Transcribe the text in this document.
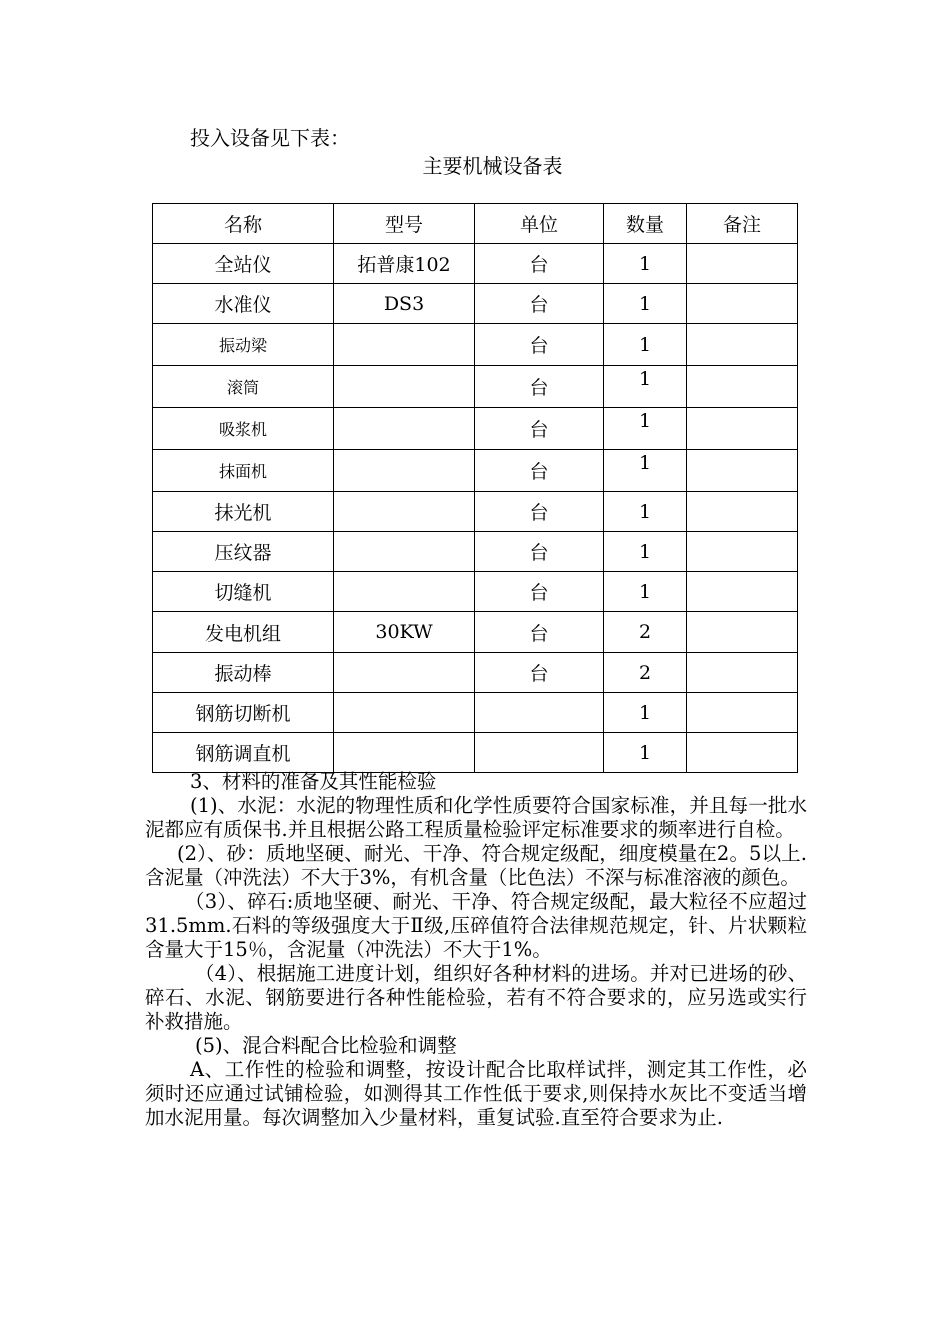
投入设备见下表：
主要机械设备表
名称	型号	单位	数量	备注
全站仪	拓普康102	台	1	
水准仪	DS3	台	1	
振动梁		台	1	
滚筒		台	1	
吸浆机		台	1	
抹面机		台	1	
抹光机		台	1	
压纹器		台	1	
切缝机		台	1	
发电机组	30KW	台	2	
振动棒		台	2	
钢筋切断机			1	
钢筋调直机			1	

3、材料的准备及其性能检验

(1)、水泥：水泥的物理性质和化学性质要符合国家标准，并且每一批水泥都应有质保书.并且根据公路工程质量检验评定标准要求的频率进行自检。

(2）、砂：质地坚硬、耐光、干净、符合规定级配，细度模量在2。5以上.含泥量（冲洗法）不大于3%，有机含量（比色法）不深与标准溶液的颜色。

（3）、碎石:质地坚硬、耐光、干净、符合规定级配，最大粒径不应超过31.5mm.石料的等级强度大于Ⅱ级,压碎值符合法律规范规定，针、片状颗粒含量大于15％，含泥量（冲洗法）不大于1%。

（4）、根据施工进度计划，组织好各种材料的进场。并对已进场的砂、碎石、水泥、钢筋要进行各种性能检验，若有不符合要求的，应另选或实行补救措施。

(5)、混合料配合比检验和调整

A、工作性的检验和调整，按设计配合比取样试拌，测定其工作性，必须时还应通过试铺检验，如测得其工作性低于要求,则保持水灰比不变适当增加水泥用量。每次调整加入少量材料，重复试验.直至符合要求为止.
